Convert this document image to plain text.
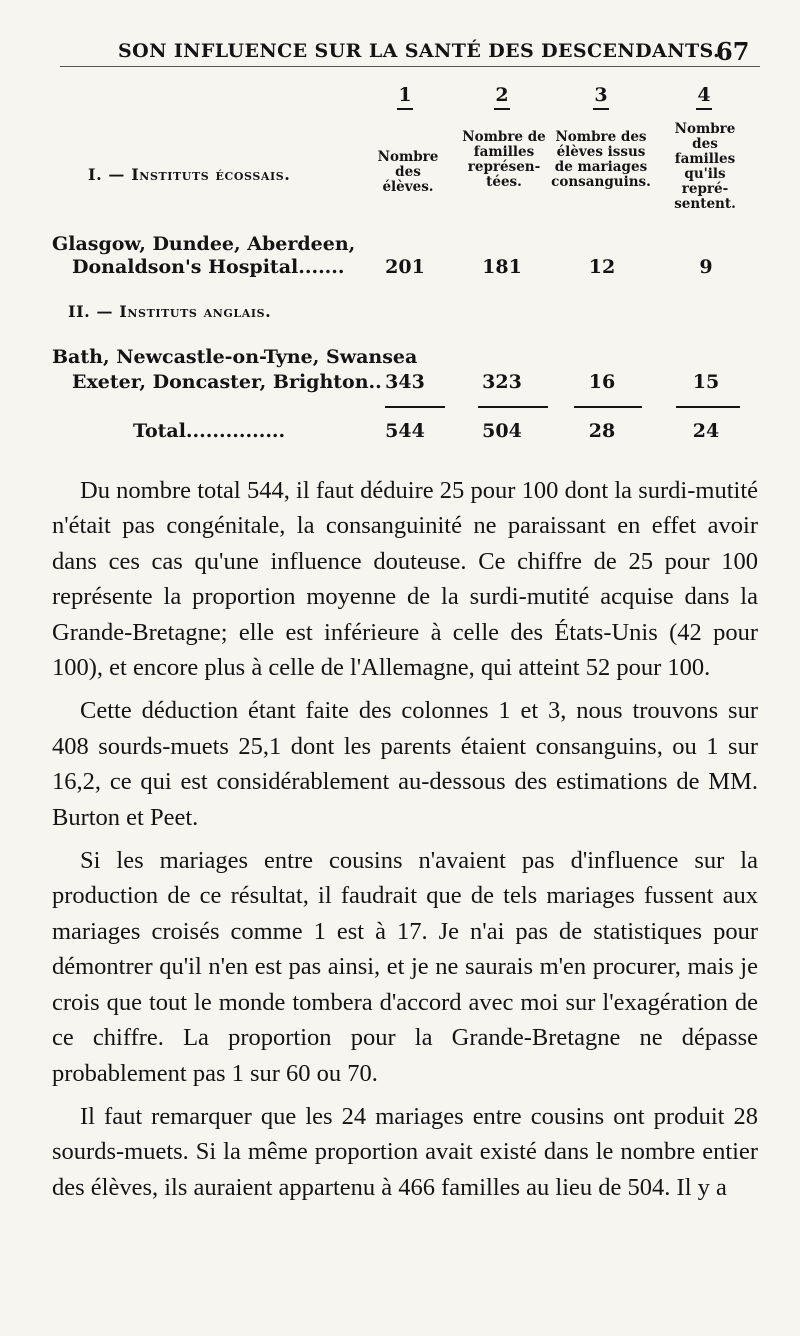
SON INFLUENCE SUR LA SANTÉ DES DESCENDANTS.
67
1	2	3	4
Nombre des élèves.
Nombre de familles représen-tées.
Nombre des élèves issus de mariages consanguins.
Nombre des familles qu'ils repré-sentent.
I. — Instituts écossais.
Glasgow, Dundee, Aberdeen,
Donaldson's Hospital.......	201	181	12	9
II. — Instituts anglais.
Bath, Newcastle-on-Tyne, Swansea
Exeter, Doncaster, Brighton.. 343	323	16	15
Total...............	544	504	28	24

Du nombre total 544, il faut déduire 25 pour 100 dont la surdi-mutité n'était pas congénitale, la consanguinité ne paraissant en effet avoir dans ces cas qu'une influence douteuse. Ce chiffre de 25 pour 100 représente la proportion moyenne de la surdi-mutité acquise dans la Grande-Bretagne; elle est inférieure à celle des États-Unis (42 pour 100), et encore plus à celle de l'Allemagne, qui atteint 52 pour 100.

Cette déduction étant faite des colonnes 1 et 3, nous trouvons sur 408 sourds-muets 25,1 dont les parents étaient consanguins, ou 1 sur 16,2, ce qui est considérablement au-dessous des estimations de MM. Burton et Peet.

Si les mariages entre cousins n'avaient pas d'influence sur la production de ce résultat, il faudrait que de tels mariages fussent aux mariages croisés comme 1 est à 17. Je n'ai pas de statistiques pour démontrer qu'il n'en est pas ainsi, et je ne saurais m'en procurer, mais je crois que tout le monde tombera d'accord avec moi sur l'exagération de ce chiffre. La proportion pour la Grande-Bretagne ne dépasse probablement pas 1 sur 60 ou 70.

Il faut remarquer que les 24 mariages entre cousins ont produit 28 sourds-muets. Si la même proportion avait existé dans le nombre entier des élèves, ils auraient appartenu à 466 familles au lieu de 504. Il y a
